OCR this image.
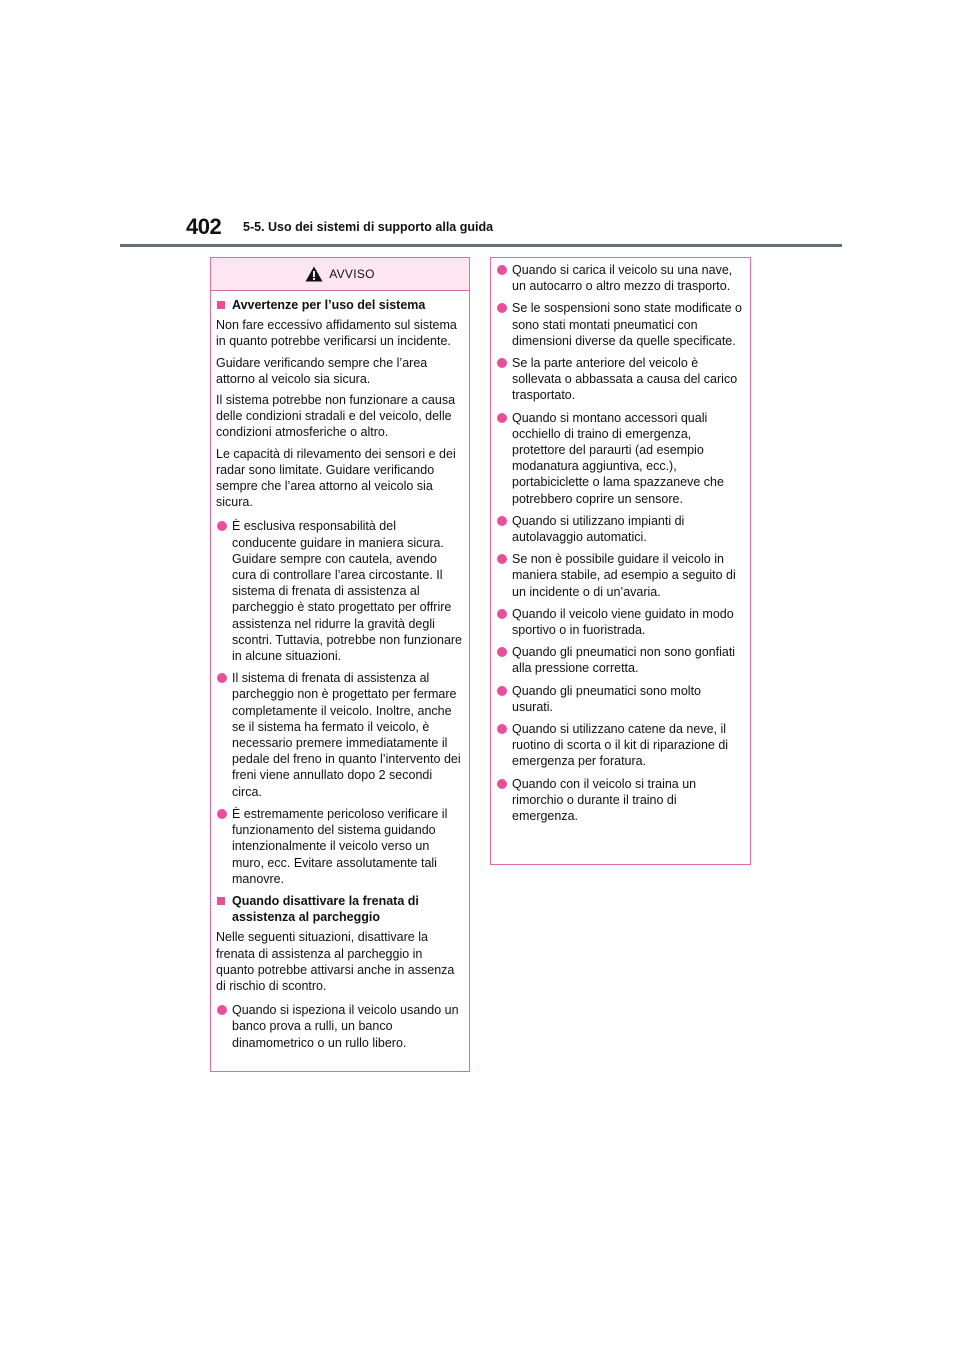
402 5-5. Uso dei sistemi di supporto alla guida
AVVISO

Avvertenze per l’uso del sistema

Non fare eccessivo affidamento sul sistema in quanto potrebbe verificarsi un incidente.

Guidare verificando sempre che l’area attorno al veicolo sia sicura.

Il sistema potrebbe non funzionare a causa delle condizioni stradali e del veicolo, delle condizioni atmosferiche o altro.

Le capacità di rilevamento dei sensori e dei radar sono limitate. Guidare verificando sempre che l’area attorno al veicolo sia sicura.

È esclusiva responsabilità del conducente guidare in maniera sicura. Guidare sempre con cautela, avendo cura di controllare l’area circostante. Il sistema di frenata di assistenza al parcheggio è stato progettato per offrire assistenza nel ridurre la gravità degli scontri. Tuttavia, potrebbe non funzionare in alcune situazioni.

Il sistema di frenata di assistenza al parcheggio non è progettato per fermare completamente il veicolo. Inoltre, anche se il sistema ha fermato il veicolo, è necessario premere immediatamente il pedale del freno in quanto l’intervento dei freni viene annullato dopo 2 secondi circa.

È estremamente pericoloso verificare il funzionamento del sistema guidando intenzionalmente il veicolo verso un muro, ecc. Evitare assolutamente tali manovre.

Quando disattivare la frenata di assistenza al parcheggio

Nelle seguenti situazioni, disattivare la frenata di assistenza al parcheggio in quanto potrebbe attivarsi anche in assenza di rischio di scontro.

Quando si ispeziona il veicolo usando un banco prova a rulli, un banco dinamometrico o un rullo libero.

Quando si carica il veicolo su una nave, un autocarro o altro mezzo di trasporto.

Se le sospensioni sono state modificate o sono stati montati pneumatici con dimensioni diverse da quelle specificate.

Se la parte anteriore del veicolo è sollevata o abbassata a causa del carico trasportato.

Quando si montano accessori quali occhiello di traino di emergenza, protettore del paraurti (ad esempio modanatura aggiuntiva, ecc.), portabiciclette o lama spazzaneve che potrebbero coprire un sensore.

Quando si utilizzano impianti di autolavaggio automatici.

Se non è possibile guidare il veicolo in maniera stabile, ad esempio a seguito di un incidente o di un’avaria.

Quando il veicolo viene guidato in modo sportivo o in fuoristrada.

Quando gli pneumatici non sono gonfiati alla pressione corretta.

Quando gli pneumatici sono molto usurati.

Quando si utilizzano catene da neve, il ruotino di scorta o il kit di riparazione di emergenza per foratura.

Quando con il veicolo si traina un rimorchio o durante il traino di emergenza.
